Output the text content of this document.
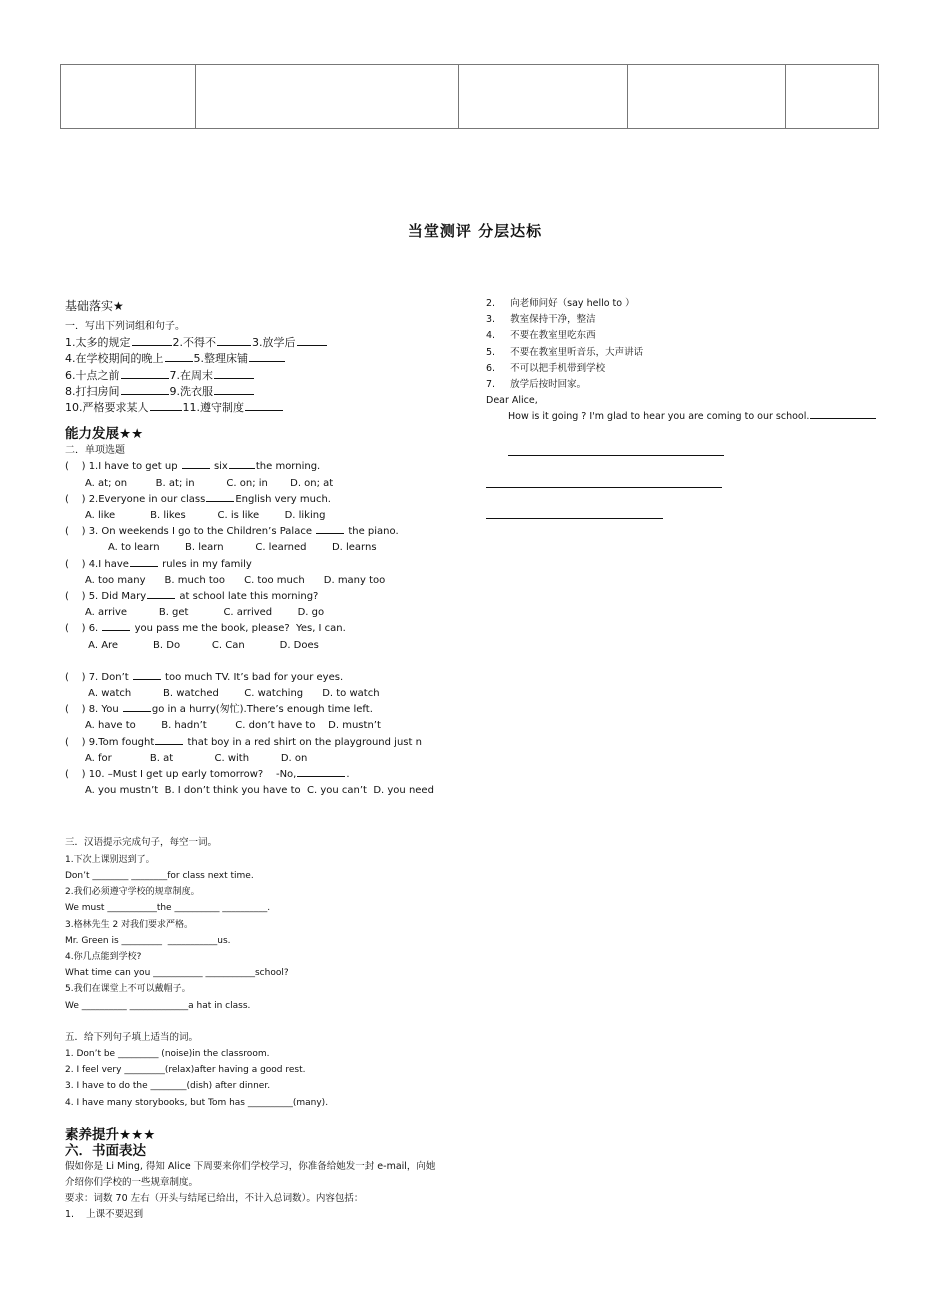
当堂测评 分层达标
基础落实★
一．写出下列词组和句子。
1.太多的规定	2.不得不	3.放学后
4.在学校期间的晚上	5.整理床铺
6.十点之前	7.在周末
8.打扫房间	9.洗衣服
10.严格要求某人	11.遵守制度
能力发展★★
二．单项选题
(    ) 1.I have to get up	six	the morning.
A. at; on         B. at; in          C. on; in       D. on; at
(    ) 2.Everyone in our class	English very much.
A. like           B. likes          C. is like        D. liking
(    ) 3. On weekends I go to the Children’s Palace	the piano.
A. to learn        B. learn          C. learned        D. learns
(    ) 4.I have	rules in my family
A. too many      B. much too      C. too much      D. many too
(    ) 5. Did Mary	at school late this morning?
A. arrive          B. get           C. arrived        D. go
(    ) 6.	you pass me the book, please?  Yes, I can.
A. Are           B. Do          C. Can           D. Does
(    ) 7. Don’t	too much TV. It’s bad for your eyes.
A. watch          B. watched        C. watching      D. to watch
(    ) 8. You	go in a hurry(匆忙).There’s enough time left.
A. have to        B. hadn’t         C. don’t have to    D. mustn’t
(    ) 9.Tom fought	that boy in a red shirt on the playground just n
A. for            B. at             C. with          D. on
(    ) 10. –Must I get up early tomorrow?    -No,	.
A. you mustn’t  B. I don’t think you have to  C. you can’t  D. you need
三．汉语提示完成句子，每空一词。
1.下次上课别迟到了。
Don’t ________ ________for class next time.
2.我们必须遵守学校的规章制度。
We must ___________the __________ __________.
3.格林先生 2 对我们要求严格。
Mr. Green is _________  ___________us.
4.你几点能到学校?
What time can you ___________ ___________school?
5.我们在课堂上不可以戴帽子。
We __________ _____________a hat in class.
五．给下列句子填上适当的词。
1. Don’t be _________ (noise)in the classroom.
2. I feel very _________(relax)after having a good rest.
3. I have to do the ________(dish) after dinner.
4. I have many storybooks, but Tom has __________(many).
素养提升★★★
六．书面表达
假如你是 Li Ming, 得知 Alice 下周要来你们学校学习，你准备给她发一封 e-mail，向她
介绍你们学校的一些规章制度。
要求：词数 70 左右（开头与结尾已给出，不计入总词数）。内容包括：
1.    上课不要迟到
2.     向老师问好（say hello to ）
3.     教室保持干净，整洁
4.     不要在教室里吃东西
5.     不要在教室里听音乐，大声讲话
6.     不可以把手机带到学校
7.     放学后按时回家。
Dear Alice,
How is it going ? I'm glad to hear you are coming to our school.
